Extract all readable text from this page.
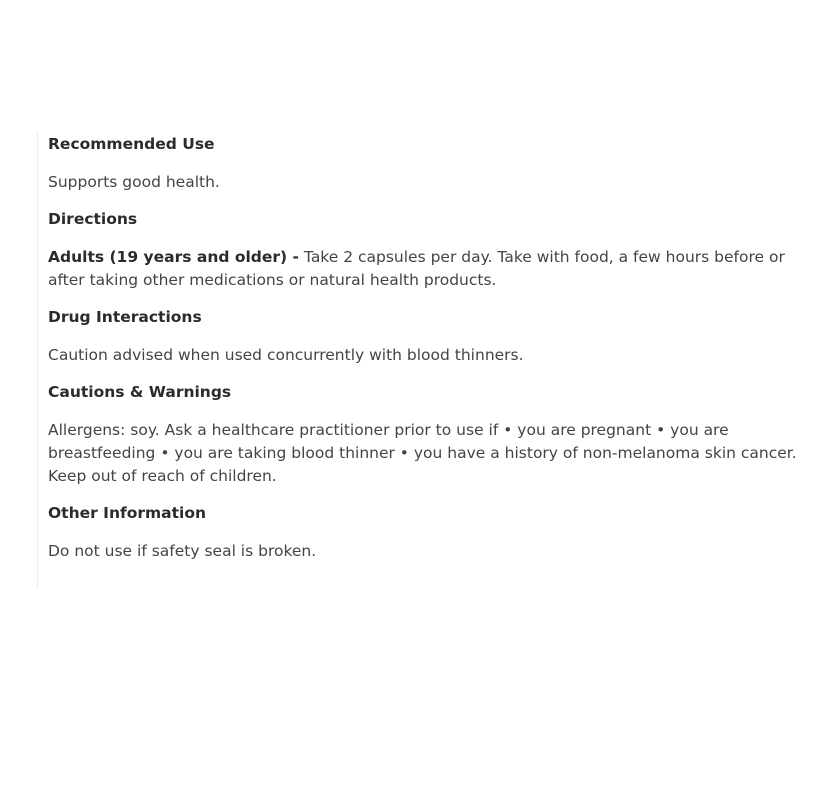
Recommended Use

Supports good health.

Directions

Adults (19 years and older) - Take 2 capsules per day. Take with food, a few hours before or after taking other medications or natural health products.

Drug Interactions

Caution advised when used concurrently with blood thinners.

Cautions & Warnings

Allergens: soy. Ask a healthcare practitioner prior to use if • you are pregnant • you are breastfeeding • you are taking blood thinner • you have a history of non-melanoma skin cancer. Keep out of reach of children.

Other Information

Do not use if safety seal is broken.
